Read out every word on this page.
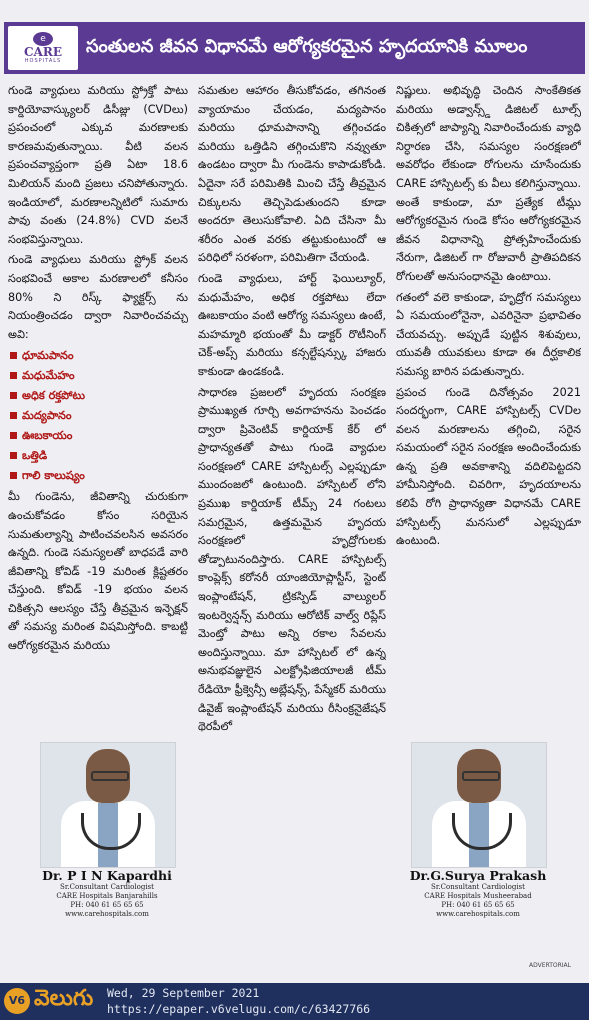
e
CARE
HOSPITALS
సంతులన జీవన విధానమే ఆరోగ్యకరమైన హృదయానికి మూలం

గుండె వ్యాధులు మరియు స్ట్రోక్తో పాటు కార్డియోవాస్క్యులర్ డిసీజ్లు (CVDలు) ప్రపంచంలో ఎక్కువ మరణాలకు కారణమవుతున్నాయి. వీటి వలన ప్రపంచవ్యాప్తంగా ప్రతి ఏటా 18.6 మిలియన్ మంది ప్రజలు చనిపోతున్నారు. ఇండియాలో, మరణాలన్నిటిలో సుమారు పావు వంతు (24.8%) CVD వలనే సంభవిస్తున్నాయి.

గుండె వ్యాధులు మరియు స్ట్రోక్ వలన సంభవించే అకాల మరణాలలో కనీసం 80% ని రిస్క్ ఫ్యాక్టర్స్ ను నియంత్రించడం ద్వారా నివారించవచ్చు అవి:

ధూమపానం
మధుమేహం
అధిక రక్తపోటు
మద్యపానం
ఊబకాయం
ఒత్తిడి
గాలి కాలుష్యం

మీ గుండెను, జీవితాన్ని చురుకుగా ఉంచుకోవడం కోసం సరియైన సుమతుల్యాన్ని పాటించవలసిన అవసరం ఉన్నది. గుండె సమస్యలతో బాధపడే వారి జీవితాన్ని కోవిడ్ -19 మరింత క్లిష్టతరం చేస్తుంది. కోవిడ్ -19 భయం వలన చికిత్సని ఆలస్యం చేస్తే తీవ్రమైన ఇన్ఫెక్షన్ తో సమస్య మరింత విషమిస్తోంది. కాబట్టి ఆరోగ్యకరమైన మరియు

సమతుల ఆహారం తీసుకోవడం, తగినంత వ్యాయామం చేయడం, మద్యపానం మరియు ధూమపానాన్ని తగ్గించడం మరియు ఒత్తిడిని తగ్గించుకొని నవ్వుతూ ఉండటం ద్వారా మీ గుండెను కాపాడుకోండి. ఏదైనా సరే పరిమితికి మించి చేస్తే తీవ్రమైన చిక్కులను తెచ్చిపెడుతుందని కూడా అందరూ తెలుసుకోవాలి. ఏది చేసినా మీ శరీరం ఎంత వరకు తట్టుకుంటుందో ఆ పరిధిలో సరళంగా, పరిమితిగా చేయండి.

గుండె వ్యాధులు, హార్ట్ ఫెయిల్యూర్, మధుమేహం, అధిక రక్తపోటు లేదా ఊబకాయం వంటి ఆరోగ్య సమస్యలు ఉంటే, మహమ్మారి భయంతో మీ డాక్టర్ రొటీనింగ్ చెక్-అప్స్ మరియు కన్సల్టేషన్స్కు హాజరు కాకుండా ఉండకండి.

సాధారణ ప్రజలలో హృదయ సంరక్షణ ప్రాముఖ్యత గూర్చి అవగాహనను పెంచడం ద్వారా ప్రివెంటివ్ కార్డియాక్ కేర్ లో ప్రాధాన్యతతో పాటు గుండె వ్యాధుల సంరక్షణలో CARE హాస్పిటల్స్ ఎల్లప్పుడూ ముందంజలో ఉంటుంది. హాస్పిటల్ లోని ప్రముఖ కార్డియాక్ టీమ్స్ 24 గంటలు సమగ్రమైన, ఉత్తమమైన హృదయ సంరక్షణలో హృద్రోగులకు తోడ్పాటునందిస్తారు. CARE హాస్పిటల్స్ కాంప్లెక్స్ కరోనరీ యాంజియోప్లాస్టీస్, స్టెంట్ ఇంప్లాంటేషన్, ట్రికస్పిడ్ వాల్యులర్ ఇంటర్వెన్షన్స్ మరియు ఆరోటిక్ వాల్వ్ రిప్లేస్ మెంట్తో పాటు అన్ని రకాల సేవలను అందిస్తున్నాయి. మా హాస్పిటల్ లో ఉన్న అనుభవజ్ఞులైన ఎలక్ట్రోఫిజియాలజీ టీమ్ రేడియో ఫ్రీక్వెన్సీ అబ్లేషన్స్, పేస్మేకర్ మరియు డివైజ్ ఇంప్లాంటేషన్ మరియు రీసింక్రనైజేషన్ థెరపీలో

నిష్ణులు. అభివృద్ధి చెందిన సాంకేతికత మరియు అడ్వాన్స్డ్ డిజిటల్ టూల్స్ చికిత్సలో జాప్యాన్ని నివారించేందుకు వ్యాధి నిర్ధారణ చేసి, సమస్యల సంరక్షణలో అవరోధం లేకుండా రోగులను చూసేందుకు CARE హాస్పిటల్స్ కు వీలు కలిగిస్తున్నాయి. అంతే కాకుండా, మా ప్రత్యేక టీమ్లు ఆరోగ్యకరమైన గుండె కోసం ఆరోగ్యకరమైన జీవన విధానాన్ని ప్రోత్సహించేందుకు నేరుగా, డిజిటల్ గా రోజువారీ ప్రాతిపదికన రోగులతో అనుసంధానమై ఉంటాయి.

గతంలో వలె కాకుండా, హృద్రోగ సమస్యలు ఏ సమయంలోనైనా, ఎవరినైనా ప్రభావితం చేయవచ్చు. అప్పుడే పుట్టిన శిశువులు, యువతీ యువకులు కూడా ఈ దీర్ఘకాలిక సమస్య బారిన పడుతున్నారు.

ప్రపంచ గుండె దినోత్సవం 2021 సందర్భంగా, CARE హాస్పిటల్స్ CVDల వలన మరణాలను తగ్గించి, సరైన సమయంలో సరైన సంరక్షణ అందించేందుకు ఉన్న ప్రతి అవకాశాన్ని వదిలిపెట్టదని హామీనిస్తోంది. చివరిగా, హృదయాలను కలిపే రోగి ప్రాధాన్యతా విధానమే CARE హాస్పిటల్స్ మనసులో ఎల్లప్పుడూ ఉంటుంది.

Dr. P I N Kapardhi
Sr.Consultant Cardiologist
CARE Hospitals Banjarahills
PH: 040 61 65 65 65
www.carehospitals.com
Dr.G.Surya Prakash
Sr.Consultant Cardiologist
CARE Hospitals Musheerabad
PH: 040 61 65 65 65
www.carehospitals.com
ADVERTORIAL
V6 వెలుగు Wed, 29 September 2021
https://epaper.v6velugu.com/c/63427766
